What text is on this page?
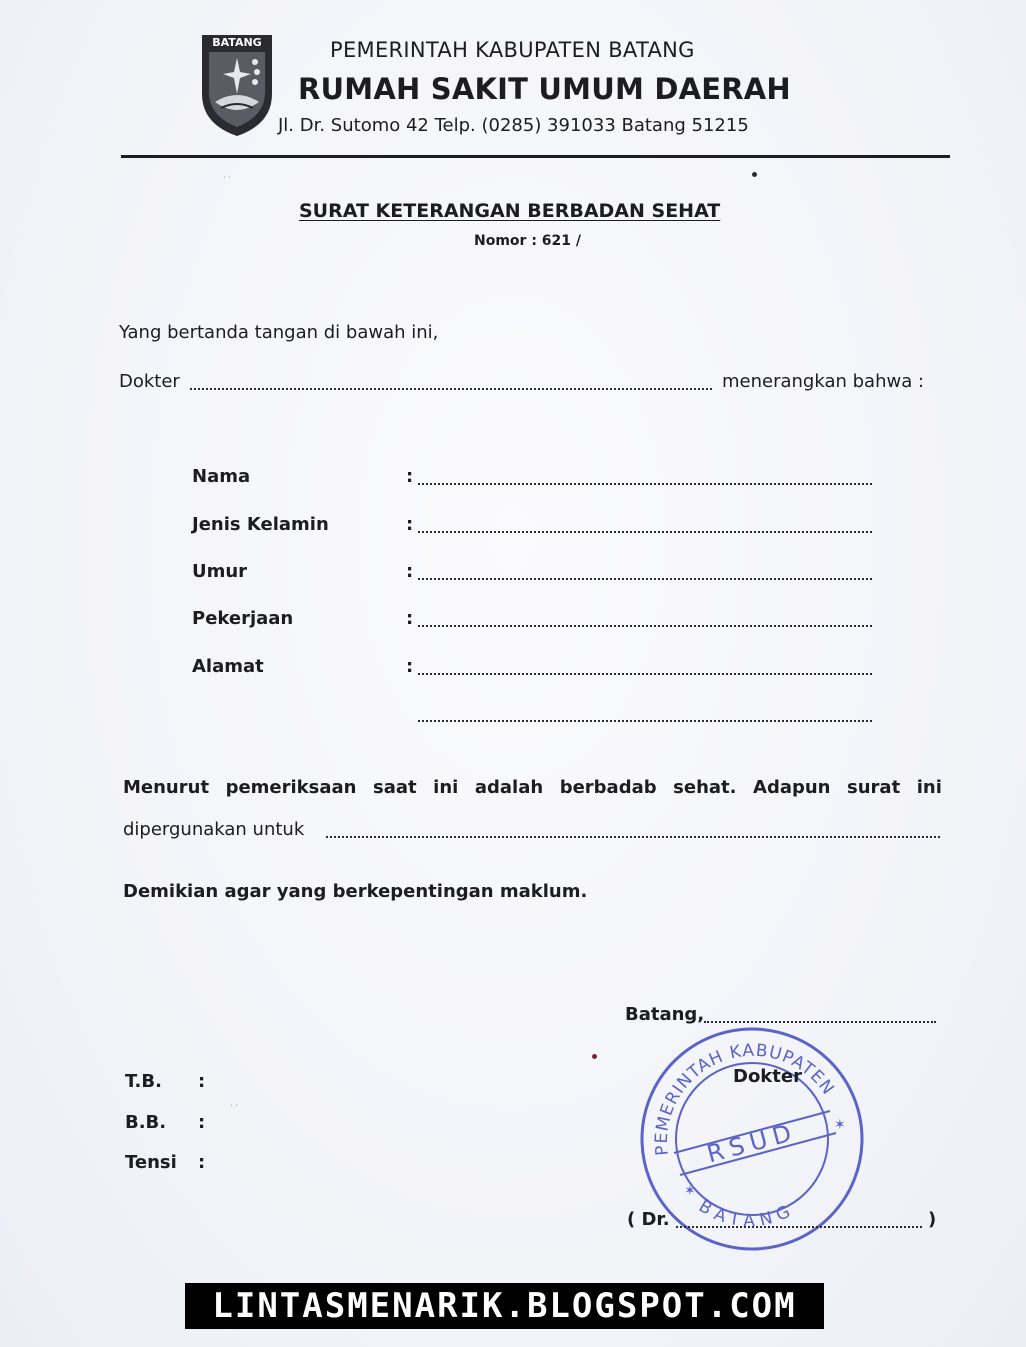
BATANG	PEMERINTAH KABUPATEN BATANG
RUMAH SAKIT UMUM DAERAH
Jl. Dr. Sutomo 42 Telp. (0285) 391033 Batang 51215
SURAT KETERANGAN BERBADAN SEHAT
Nomor : 621 /
Yang bertanda tangan di bawah ini,
Dokter	menerangkan bahwa :
Nama	:
Jenis Kelamin	:
Umur	:
Pekerjaan	:
Alamat	:
Menurut pemeriksaan saat ini adalah berbadab sehat. Adapun surat ini
dipergunakan untuk
Demikian agar yang berkepentingan maklum.
Batang,
PEMERINTAH KABUPATEN
RSUD
BATANG
✶
✶
Dokter
( Dr.	)
T.B. :
B.B. :
Tensi :
˙˙
˙˙
LINTASMENARIK.BLOGSPOT.COM
